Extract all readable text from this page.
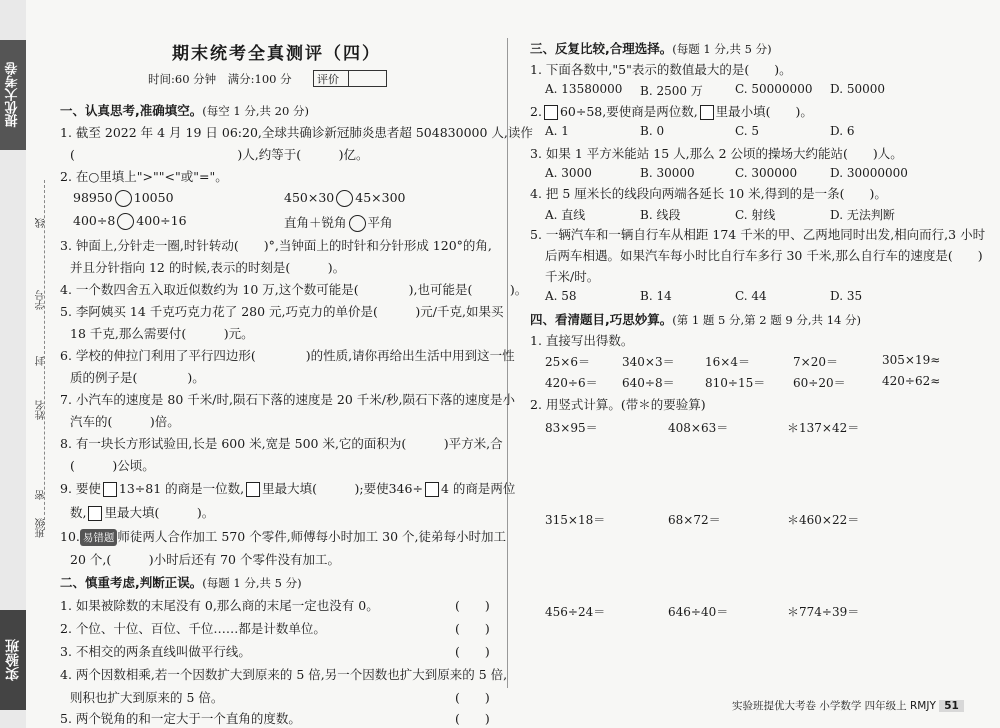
提优大考卷
实验班
线
学号
封
姓名
密
班级
期末统考全真测评（四）
时间:60 分钟　满分:100 分 评价
一、认真思考,准确填空。(每空 1 分,共 20 分)
1. 截至 2022 年 4 月 19 日 06:20,全球共确诊新冠肺炎患者超 504830000 人,读作
(　　　　　　　　　　　　　)人,约等于(　　　)亿。
2. 在○里填上">""<"或"="。
98950 10050	450×30 45×300
400÷8 400÷16	直角＋锐角 平角
3. 钟面上,分针走一圈,时针转动(　　)°,当钟面上的时针和分针形成 120°的角,
并且分针指向 12 的时候,表示的时刻是(　　　)。
4. 一个数四舍五入取近似数约为 10 万,这个数可能是(　　　　),也可能是(　　　)。
5. 李阿姨买 14 千克巧克力花了 280 元,巧克力的单价是(　　　)元/千克,如果买
18 千克,那么需要付(　　　)元。
6. 学校的伸拉门利用了平行四边形(　　　　)的性质,请你再给出生活中用到这一性
质的例子是(　　　　)。
7. 小汽车的速度是 80 千米/时,陨石下落的速度是 20 千米/秒,陨石下落的速度是小
汽车的(　　　)倍。
8. 有一块长方形试验田,长是 600 米,宽是 500 米,它的面积为(　　　)平方米,合
(　　　)公顷。
9. 要使 13÷81 的商是一位数, 里最大填(　　　);要使346÷ 4 的商是两位
数, 里最大填(　　　)。
10. 易错题 师徒两人合作加工 570 个零件,师傅每小时加工 30 个,徒弟每小时加工
20 个,(　　　)小时后还有 70 个零件没有加工。
二、慎重考虑,判断正误。(每题 1 分,共 5 分)
1. 如果被除数的末尾没有 0,那么商的末尾一定也没有 0。	(　　)
2. 个位、十位、百位、千位……都是计数单位。	(　　)
3. 不相交的两条直线叫做平行线。	(　　)
4. 两个因数相乘,若一个因数扩大到原来的 5 倍,另一个因数也扩大到原来的 5 倍,
则积也扩大到原来的 5 倍。	(　　)
5. 两个锐角的和一定大于一个直角的度数。	(　　)
三、反复比较,合理选择。(每题 1 分,共 5 分)
1. 下面各数中,"5"表示的数值最大的是(　　)。
A. 13580000 B. 2500 万	C. 50000000 D. 50000
2. 60÷58,要使商是两位数, 里最小填(　　)。
A. 1	B. 0	C. 5	D. 6
3. 如果 1 平方米能站 15 人,那么 2 公顷的操场大约能站(　　)人。
A. 3000	B. 30000	C. 300000	D. 30000000
4. 把 5 厘米长的线段向两端各延长 10 米,得到的是一条(　　)。
A. 直线	B. 线段	C. 射线	D. 无法判断
5. 一辆汽车和一辆自行车从相距 174 千米的甲、乙两地同时出发,相向而行,3 小时
后两车相遇。如果汽车每小时比自行车多行 30 千米,那么自行车的速度是(　　)
千米/时。
A. 58	B. 14	C. 44	D. 35
四、看清题目,巧思妙算。(第 1 题 5 分,第 2 题 9 分,共 14 分)
1. 直接写出得数。
25×6＝	340×3＝	16×4＝	7×20＝	305×19≈
420÷6＝ 640÷8＝	810÷15＝ 60÷20＝	420÷62≈
2. 用竖式计算。(带＊的要验算)
83×95＝	408×63＝	＊137×42＝
315×18＝	68×72＝	＊460×22＝
456÷24＝	646÷40＝	＊774÷39＝
实验班提优大考卷 小学数学 四年级上 RMJY 51
